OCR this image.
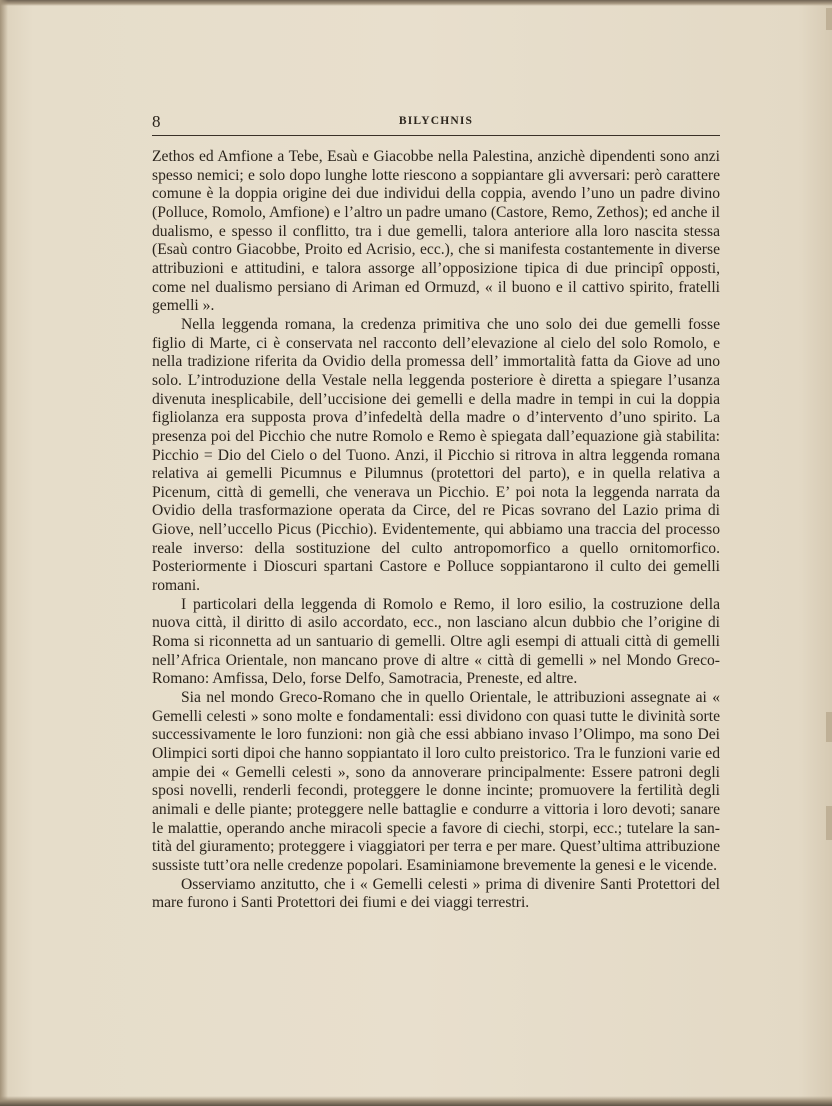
8	BILYCHNIS

Zethos ed Amfione a Tebe, Esaù e Giacobbe nella Palestina, anzichè dipendenti sono anzi spesso nemici; e solo dopo lunghe lotte riescono a soppiantare gli avversari: però carattere comune è la doppia origine dei due individui della coppia, avendo l’uno un padre divino (Polluce, Romolo, Amfione) e l’altro un padre umano (Castore, Remo, Zethos); ed anche il dualismo, e spesso il conflitto, tra i due gemelli, talora anteriore alla loro nascita stessa (Esaù contro Giacobbe, Proito ed Acrisio, ecc.), che si manifesta costantemente in diverse attribuzioni e attitudini, e talora assorge all’opposizione tipica di due principî opposti, come nel dualismo persiano di Ariman ed Ormuzd, « il buono e il cattivo spirito, fratelli gemelli ».

Nella leggenda romana, la credenza primitiva che uno solo dei due gemelli fosse figlio di Marte, ci è conservata nel racconto dell’elevazione al cielo del solo Romolo, e nella tradizione riferita da Ovidio della promessa dell’ immortalità fatta da Giove ad uno solo. L’introduzione della Vestale nella leggenda posteriore è diretta a spiegare l’usanza divenuta inesplicabile, dell’uccisione dei gemelli e della madre in tempi in cui la doppia figliolanza era supposta prova d’infedeltà della madre o d’intervento d’uno spirito. La presenza poi del Picchio che nutre Romolo e Remo è spiegata dall’equazione già stabilita: Picchio = Dio del Cielo o del Tuono. Anzi, il Picchio si ritrova in altra leggenda romana relativa ai gemelli Picumnus e Pilumnus (protettori del parto), e in quella relativa a Picenum, città di gemelli, che venerava un Picchio. E’ poi nota la leggenda narrata da Ovidio della trasformazione operata da Circe, del re Picas sovrano del Lazio prima di Giove, nell’uccello Picus (Picchio). Evidentemente, qui abbiamo una traccia del processo reale inverso: della sostituzione del culto antropomorfico a quello ornitomorfico. Posteriormente i Dioscuri spartani Castore e Polluce soppiantarono il culto dei gemelli romani.

I particolari della leggenda di Romolo e Remo, il loro esilio, la costruzione della nuova città, il diritto di asilo accordato, ecc., non lasciano alcun dubbio che l’origine di Roma si riconnetta ad un santuario di gemelli. Oltre agli esempi di attuali città di gemelli nell’Africa Orientale, non mancano prove di altre « città di gemelli » nel Mondo Greco-Romano: Amfissa, Delo, forse Delfo, Samotracia, Preneste, ed altre.

Sia nel mondo Greco-Romano che in quello Orientale, le attribuzioni assegnate ai « Gemelli celesti » sono molte e fondamentali: essi dividono con quasi tutte le divinità sorte successivamente le loro funzioni: non già che essi abbiano invaso l’Olimpo, ma sono Dei Olimpici sorti dipoi che hanno soppiantato il loro culto preistorico. Tra le funzioni varie ed ampie dei « Gemelli celesti », sono da annoverare principalmente: Essere patroni degli sposi novelli, renderli fecondi, proteggere le donne incinte; promuovere la fertilità degli animali e delle piante; proteggere nelle battaglie e condurre a vittoria i loro devoti; sanare le malattie, operando anche miracoli specie a favore di ciechi, storpi, ecc.; tutelare la santità del giuramento; proteggere i viaggiatori per terra e per mare. Quest’ultima attribuzione sussiste tutt’ora nelle credenze popolari. Esaminiamone brevemente la genesi e le vicende.

Osserviamo anzitutto, che i « Gemelli celesti » prima di divenire Santi Protettori del mare furono i Santi Protettori dei fiumi e dei viaggi terrestri.
